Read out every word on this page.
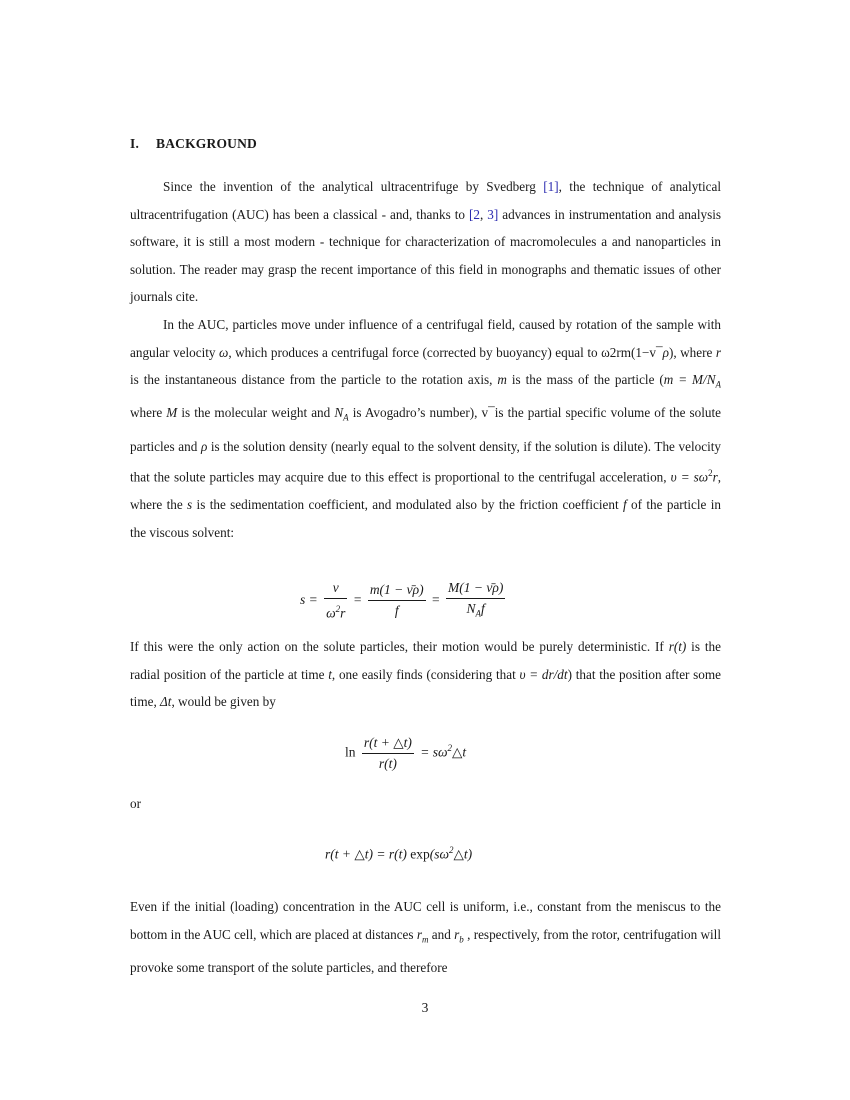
I. BACKGROUND

Since the invention of the analytical ultracentrifuge by Svedberg [1], the technique of analytical ultracentrifugation (AUC) has been a classical - and, thanks to [2, 3] advances in instrumentation and analysis software, it is still a most modern - technique for characterization of macromolecules a and nanoparticles in solution. The reader may grasp the recent importance of this field in monographs and thematic issues of other journals cite.

In the AUC, particles move under influence of a centrifugal field, caused by rotation of the sample with angular velocity ω, which produces a centrifugal force (corrected by buoyancy) equal to ω2rm(1−v¯ρ), where r is the instantaneous distance from the particle to the rotation axis, m is the mass of the particle ($m = M/N_A$ where M is the molecular weight and $N_A$ is Avogadro’s number), v¯is the partial specific volume of the solute particles and ρ is the solution density (nearly equal to the solvent density, if the solution is dilute). The velocity that the solute particles may acquire due to this effect is proportional to the centrifugal acceleration, $\upsilon = s\omega^2r$, where the s is the sedimentation coefficient, and modulated also by the friction coefficient f of the particle in the viscous solvent:

$s = \frac{\nu}{\omega^2r} = \frac{m(1 - \nū\rho)}{f} = \frac{M(1 - \nū\rho)}{N_Af}$

If this were the only action on the solute particles, their motion would be purely deterministic. If r(t) is the radial position of the particle at time t, one easily finds (considering that υ = dr/dt) that the position after some time, Δt, would be given by

$\ln \frac{r(t + \triangle t)}{r(t)}$ = $s\omega^2\triangle t$
or
r(t + △t) = r(t) $\exp(s\omega^2\triangle t)$

Even if the initial (loading) concentration in the AUC cell is uniform, i.e., constant from the meniscus to the bottom in the AUC cell, which are placed at distances $r_m$ and $r_b$ , respectively, from the rotor, centrifugation will provoke some transport of the solute particles, and therefore

3
